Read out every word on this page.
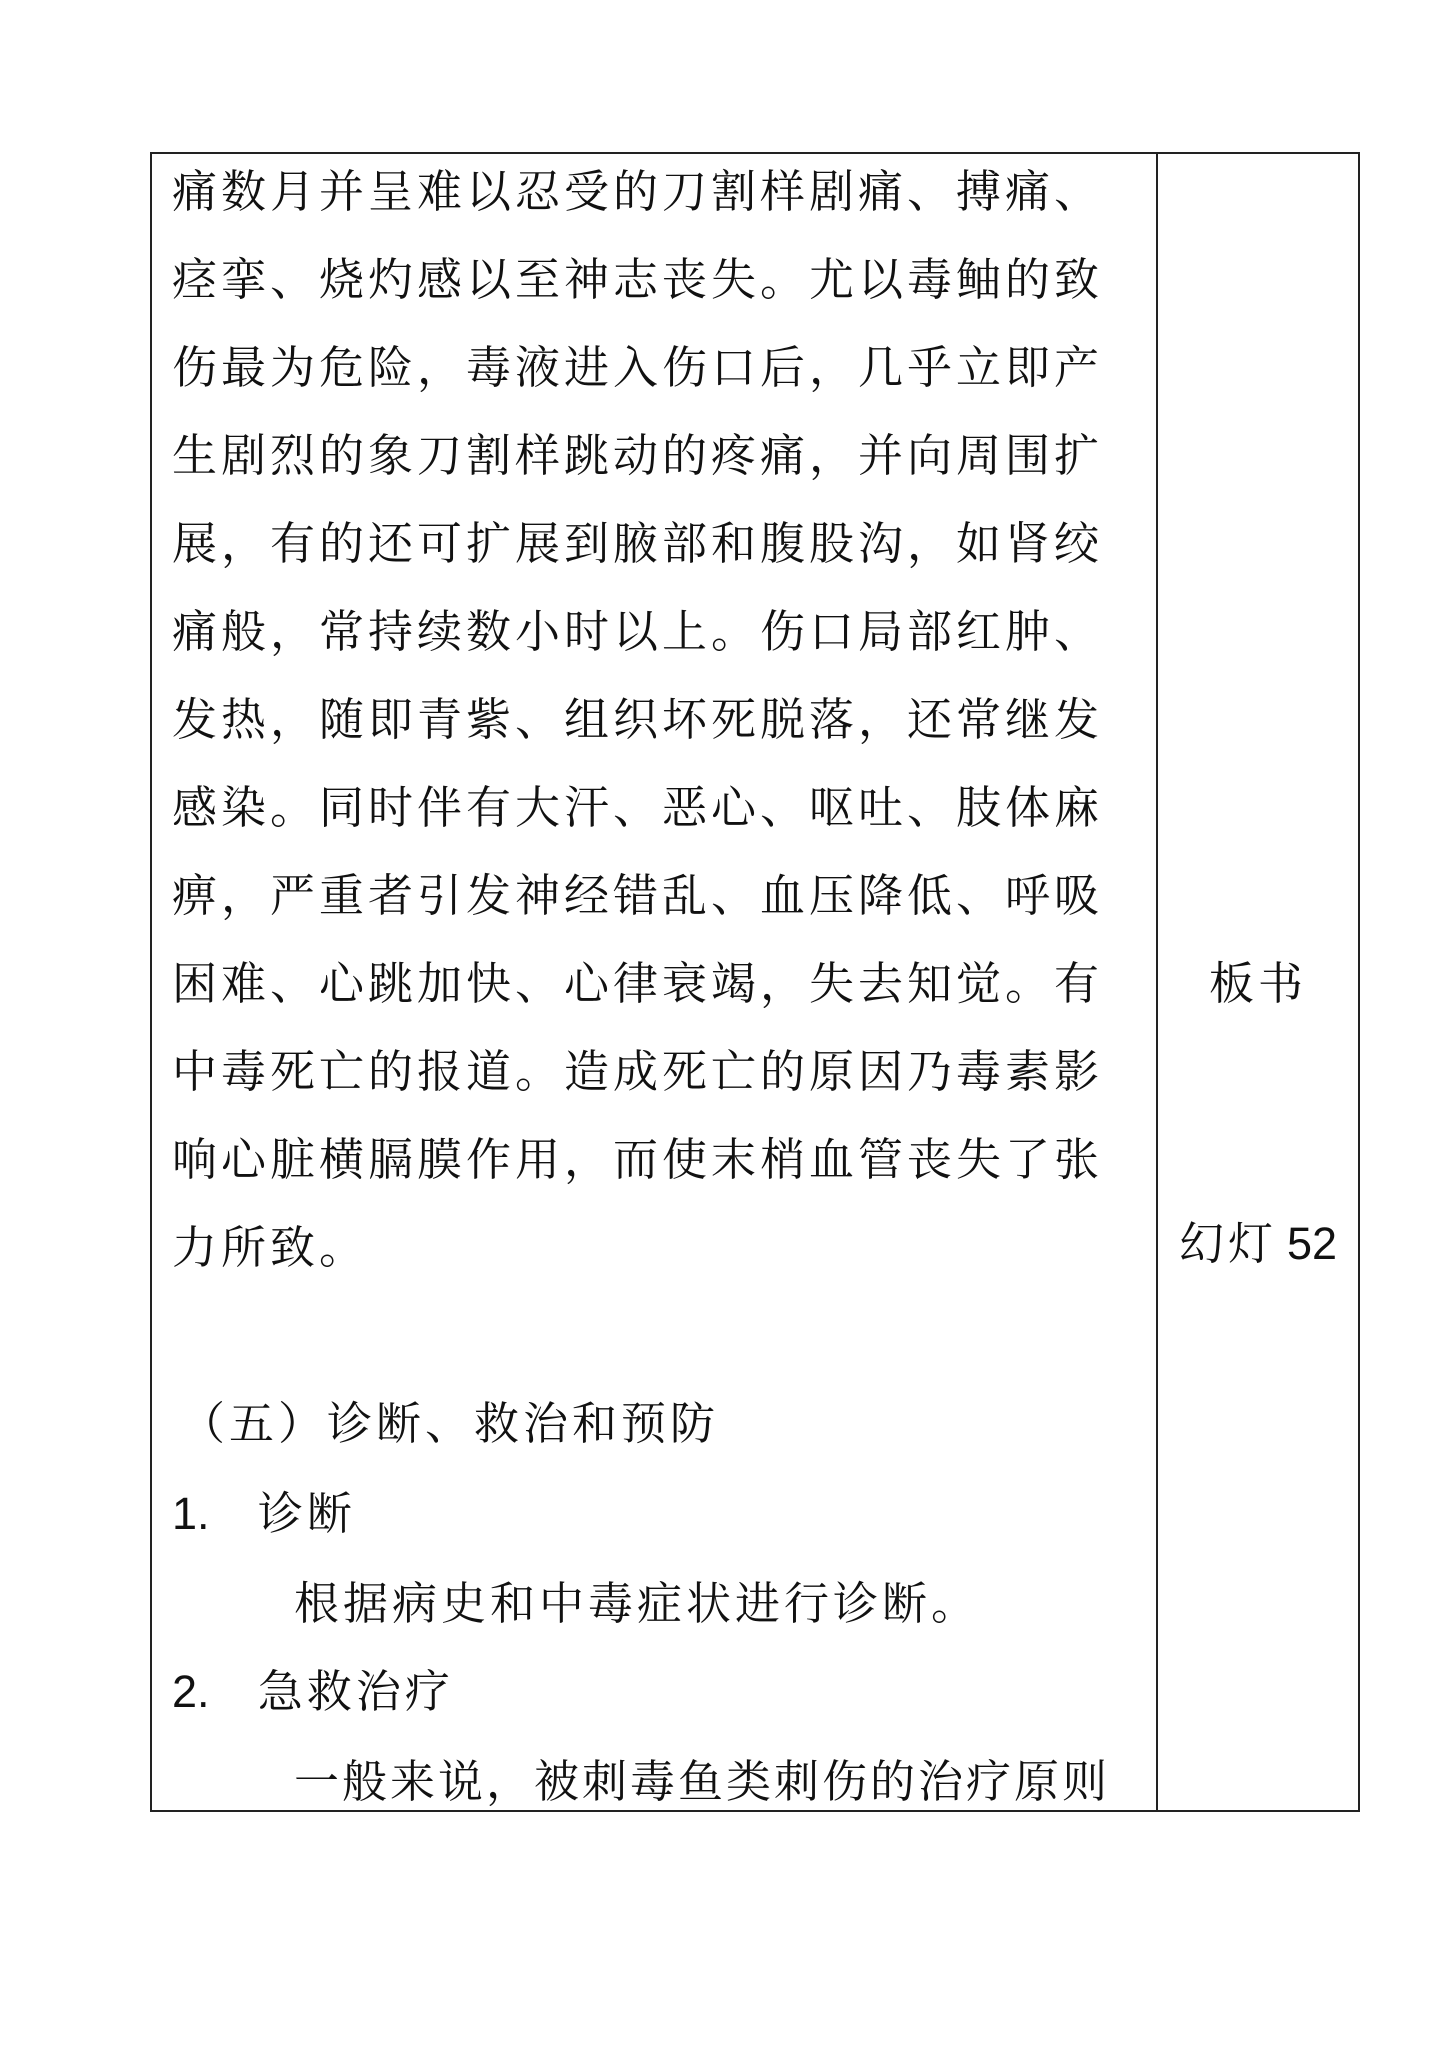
痛数月并呈难以忍受的刀割样剧痛、搏痛、
痉挛、烧灼感以至神志丧失。尤以毒鲉的致
伤最为危险，毒液进入伤口后，几乎立即产
生剧烈的象刀割样跳动的疼痛，并向周围扩
展，有的还可扩展到腋部和腹股沟，如肾绞
痛般，常持续数小时以上。伤口局部红肿、
发热，随即青紫、组织坏死脱落，还常继发
感染。同时伴有大汗、恶心、呕吐、肢体麻
痹，严重者引发神经错乱、血压降低、呼吸
困难、心跳加快、心律衰竭，失去知觉。有
中毒死亡的报道。造成死亡的原因乃毒素影
响心脏横膈膜作用，而使末梢血管丧失了张
力所致。
（五）诊断、救治和预防
1. 诊断
根据病史和中毒症状进行诊断。
2. 急救治疗
一般来说，被刺毒鱼类刺伤的治疗原则
板书
幻灯 52
